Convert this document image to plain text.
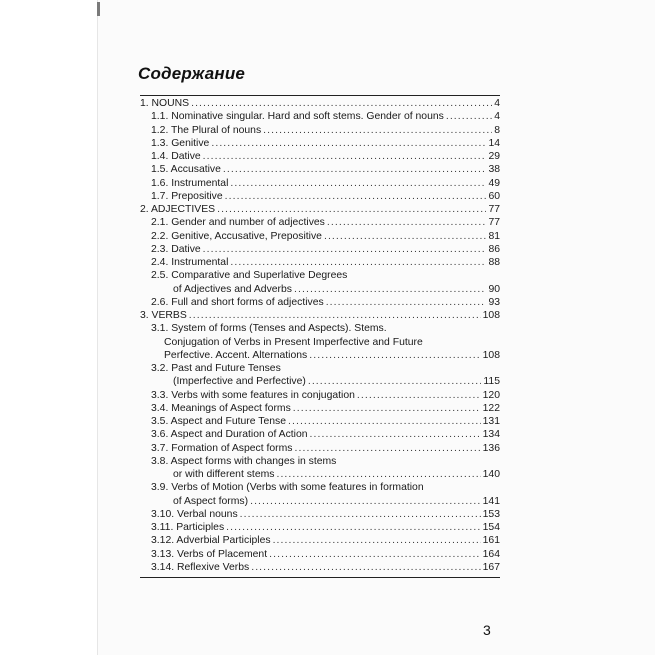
Содержание
1. NOUNS .....	4
1.1. Nominative singular. Hard and soft stems. Gender of nouns .....	4
1.2. The Plural of nouns .....	8
1.3. Genitive .....	14
1.4. Dative .....	29
1.5. Accusative .....	38
1.6. Instrumental .....	49
1.7. Prepositive .....	60
2. ADJECTIVES .....	77
2.1. Gender and number of adjectives .....	77
2.2. Genitive, Accusative, Prepositive .....	81
2.3. Dative .....	86
2.4. Instrumental .....	88
2.5. Comparative and Superlative Degrees
of Adjectives and Adverbs .....	90
2.6. Full and short forms of adjectives .....	93
3. VERBS .....	108
3.1. System of forms (Tenses and Aspects). Stems.
Conjugation of Verbs in Present Imperfective and Future
Perfective. Accent. Alternations .....	108
3.2. Past and Future Tenses
(Imperfective and Perfective) .....	115
3.3. Verbs with some features in conjugation .....	120
3.4. Meanings of Aspect forms .....	122
3.5. Aspect and Future Tense .....	131
3.6. Aspect and Duration of Action .....	134
3.7. Formation of Aspect forms .....	136
3.8. Aspect forms with changes in stems
or with different stems .....	140
3.9. Verbs of Motion (Verbs with some features in formation
of Aspect forms) .....	141
3.10. Verbal nouns .....	153
3.11. Participles .....	154
3.12. Adverbial Participles .....	161
3.13. Verbs of Placement .....	164
3.14. Reflexive Verbs .....	167
3
